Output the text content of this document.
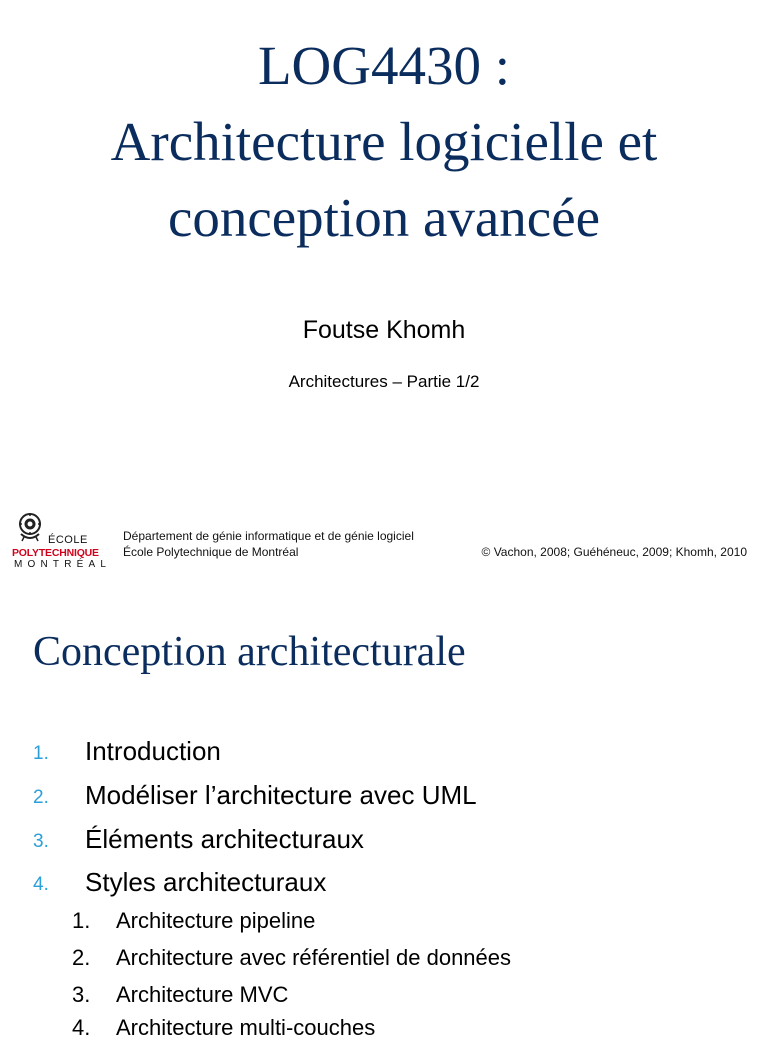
LOG4430 :
Architecture logicielle et
conception avancée
Foutse Khomh
Architectures – Partie 1/2
ÉCOLE
POLYTECHNIQUE
MONTRÉAL
Département de génie informatique et de génie logiciel
École Polytechnique de Montréal	© Vachon, 2008; Guéhéneuc, 2009; Khomh, 2010
Conception architecturale
1. Introduction
2. Modéliser l’architecture avec UML
3. Éléments architecturaux
4. Styles architecturaux
1. Architecture pipeline
2. Architecture avec référentiel de données
3. Architecture MVC
4. Architecture multi-couches
